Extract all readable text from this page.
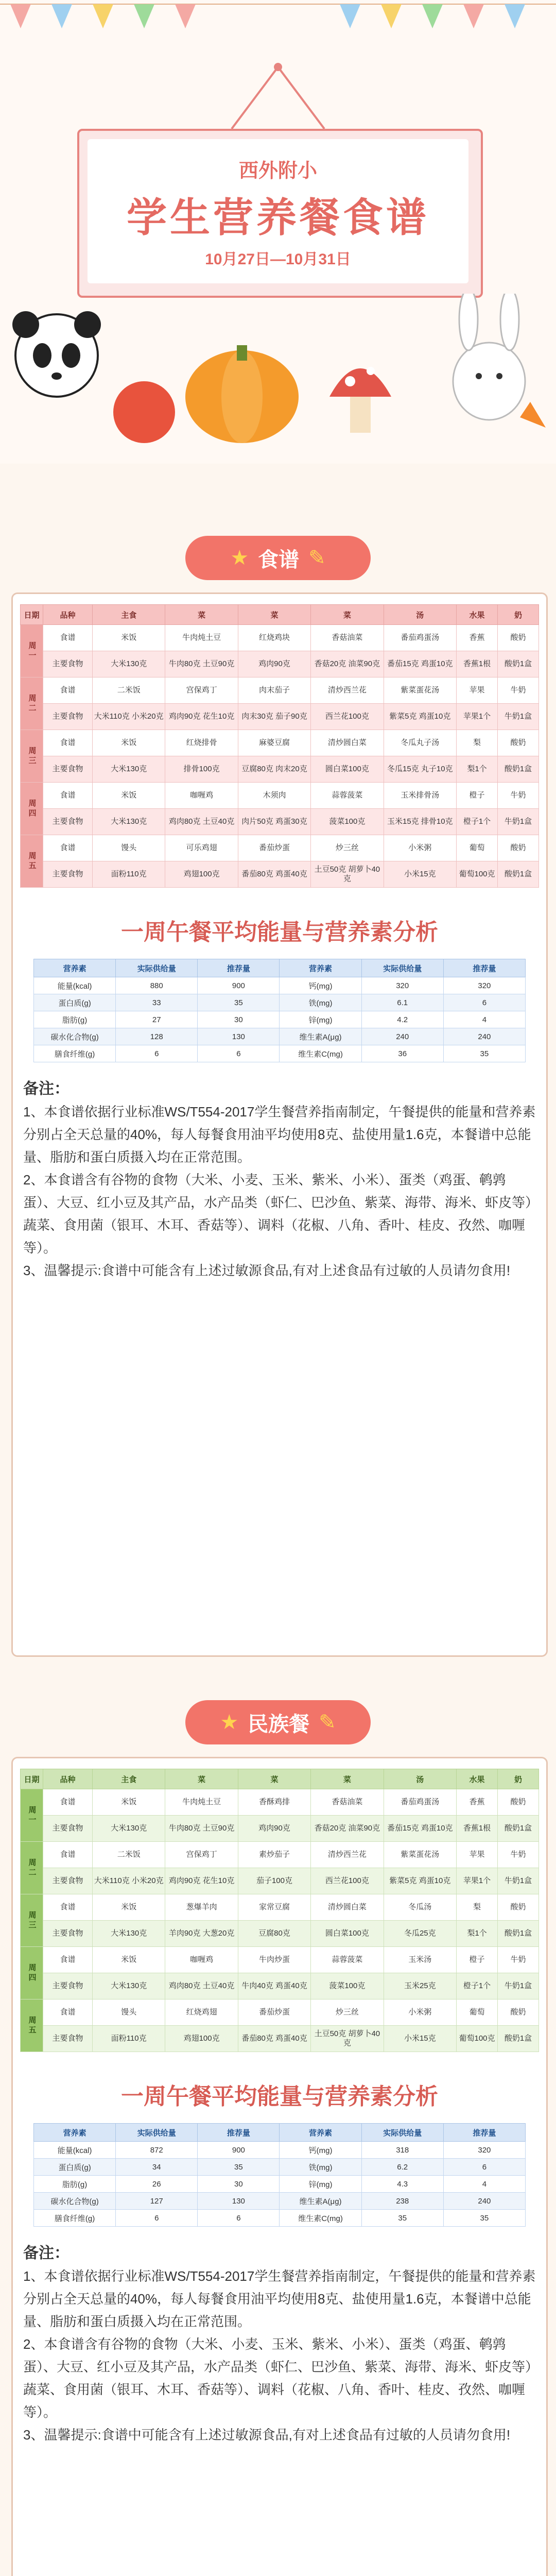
西外附小
学生营养餐食谱
10月27日—10月31日
★ 食谱 ✎
日期	品种	主食	菜	菜	菜	汤	水果	奶
周一	食谱	米饭	牛肉炖土豆	红烧鸡块	香菇油菜	番茄鸡蛋汤	香蕉	酸奶
	主要食物	大米130克	牛肉80克 土豆90克	鸡肉90克	香菇20克 油菜90克	番茄15克 鸡蛋10克	香蕉1根	酸奶1盒
周二	食谱	二米饭	宫保鸡丁	肉末茄子	清炒西兰花	紫菜蛋花汤	苹果	牛奶
	主要食物	大米110克 小米20克	鸡肉90克 花生10克	肉末30克 茄子90克	西兰花100克	紫菜5克 鸡蛋10克	苹果1个	牛奶1盒
周三	食谱	米饭	红烧排骨	麻婆豆腐	清炒圆白菜	冬瓜丸子汤	梨	酸奶
	主要食物	大米130克	排骨100克	豆腐80克 肉末20克	圆白菜100克	冬瓜15克 丸子10克	梨1个	酸奶1盒
周四	食谱	米饭	咖喱鸡	木须肉	蒜蓉菠菜	玉米排骨汤	橙子	牛奶
	主要食物	大米130克	鸡肉80克 土豆40克	肉片50克 鸡蛋30克	菠菜100克	玉米15克 排骨10克	橙子1个	牛奶1盒
周五	食谱	馒头	可乐鸡翅	番茄炒蛋	炒三丝	小米粥	葡萄	酸奶
	主要食物	面粉110克	鸡翅100克	番茄80克 鸡蛋40克	土豆50克 胡萝卜40克	小米15克	葡萄100克	酸奶1盒
一周午餐平均能量与营养素分析
营养素	实际供给量	推荐量	营养素	实际供给量	推荐量
能量(kcal)	880	900	钙(mg)	320	320
蛋白质(g)	33	35	铁(mg)	6.1	6
脂肪(g)	27	30	锌(mg)	4.2	4
碳水化合物(g)	128	130	维生素A(μg)	240	240
膳食纤维(g)	6	6	维生素C(mg)	36	35
备注：
1、本食谱依据行业标准WS/T554-2017学生餐营养指南制定，午餐提供的能量和营养素分别占全天总量的40%，每人每餐食用油平均使用8克、盐使用量1.6克，本餐谱中总能量、脂肪和蛋白质摄入均在正常范围。
2、本食谱含有谷物的食物（大米、小麦、玉米、紫米、小米）、蛋类（鸡蛋、鹌鹑蛋）、大豆、红小豆及其产品，水产品类（虾仁、巴沙鱼、紫菜、海带、海米、虾皮等）蔬菜、食用菌（银耳、木耳、香菇等）、调料（花椒、八角、香叶、桂皮、孜然、咖喱等）。
3、温馨提示:食谱中可能含有上述过敏源食品,有对上述食品有过敏的人员请勿食用!
★ 民族餐 ✎
日期	品种	主食	菜	菜	菜	汤	水果	奶
周一	食谱	米饭	牛肉炖土豆	香酥鸡排	香菇油菜	番茄鸡蛋汤	香蕉	酸奶
	主要食物	大米130克	牛肉80克 土豆90克	鸡肉90克	香菇20克 油菜90克	番茄15克 鸡蛋10克	香蕉1根	酸奶1盒
周二	食谱	二米饭	宫保鸡丁	素炒茄子	清炒西兰花	紫菜蛋花汤	苹果	牛奶
	主要食物	大米110克 小米20克	鸡肉90克 花生10克	茄子100克	西兰花100克	紫菜5克 鸡蛋10克	苹果1个	牛奶1盒
周三	食谱	米饭	葱爆羊肉	家常豆腐	清炒圆白菜	冬瓜汤	梨	酸奶
	主要食物	大米130克	羊肉90克 大葱20克	豆腐80克	圆白菜100克	冬瓜25克	梨1个	酸奶1盒
周四	食谱	米饭	咖喱鸡	牛肉炒蛋	蒜蓉菠菜	玉米汤	橙子	牛奶
	主要食物	大米130克	鸡肉80克 土豆40克	牛肉40克 鸡蛋40克	菠菜100克	玉米25克	橙子1个	牛奶1盒
周五	食谱	馒头	红烧鸡翅	番茄炒蛋	炒三丝	小米粥	葡萄	酸奶
	主要食物	面粉110克	鸡翅100克	番茄80克 鸡蛋40克	土豆50克 胡萝卜40克	小米15克	葡萄100克	酸奶1盒
一周午餐平均能量与营养素分析
营养素	实际供给量	推荐量	营养素	实际供给量	推荐量
能量(kcal)	872	900	钙(mg)	318	320
蛋白质(g)	34	35	铁(mg)	6.2	6
脂肪(g)	26	30	锌(mg)	4.3	4
碳水化合物(g)	127	130	维生素A(μg)	238	240
膳食纤维(g)	6	6	维生素C(mg)	35	35
备注：
1、本食谱依据行业标准WS/T554-2017学生餐营养指南制定，午餐提供的能量和营养素分别占全天总量的40%，每人每餐食用油平均使用8克、盐使用量1.6克，本餐谱中总能量、脂肪和蛋白质摄入均在正常范围。
2、本食谱含有谷物的食物（大米、小麦、玉米、紫米、小米）、蛋类（鸡蛋、鹌鹑蛋）、大豆、红小豆及其产品，水产品类（虾仁、巴沙鱼、紫菜、海带、海米、虾皮等）蔬菜、食用菌（银耳、木耳、香菇等）、调料（花椒、八角、香叶、桂皮、孜然、咖喱等）。
3、温馨提示:食谱中可能含有上述过敏源食品,有对上述食品有过敏的人员请勿食用!
